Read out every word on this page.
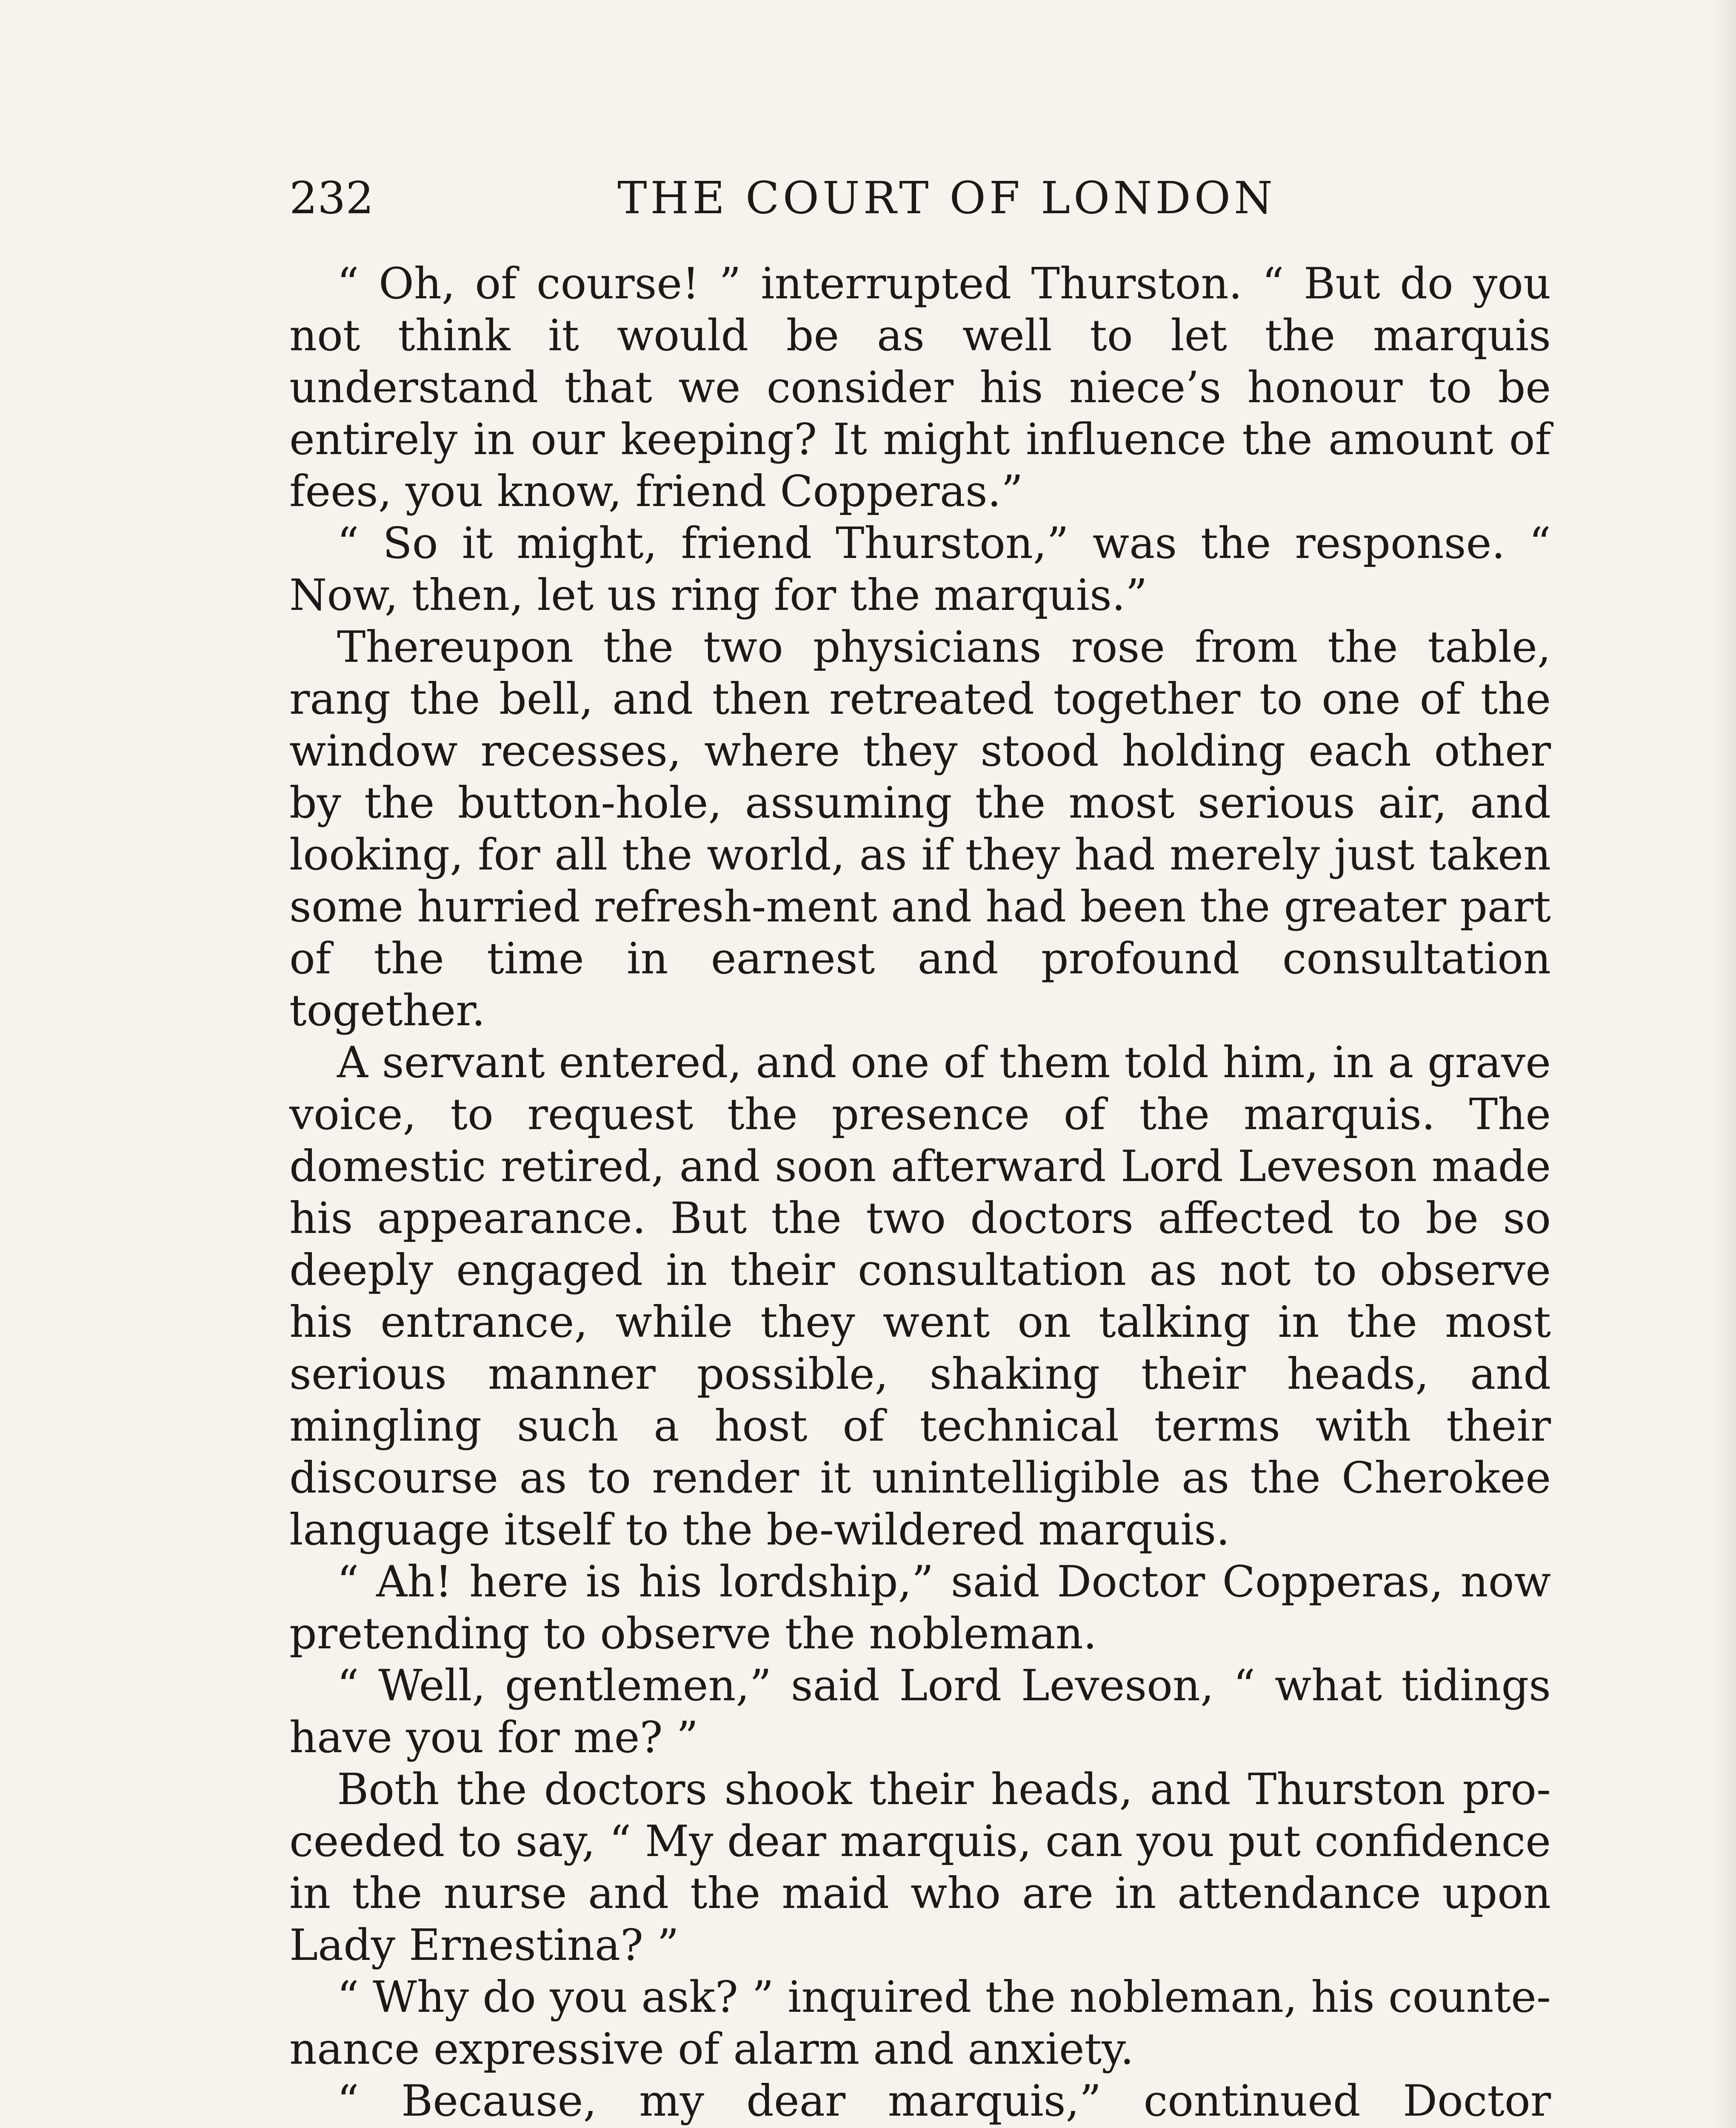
232	THE COURT OF LONDON

“ Oh, of course! ” interrupted Thurston. “ But do you not think it would be as well to let the marquis understand that we consider his niece’s honour to be entirely in our keeping? It might influence the amount of fees, you know, friend Copperas.”

“ So it might, friend Thurston,” was the response. “ Now, then, let us ring for the marquis.”

Thereupon the two physicians rose from the table, rang the bell, and then retreated together to one of the window recesses, where they stood holding each other by the button-hole, assuming the most serious air, and looking, for all the world, as if they had merely just taken some hurried refresh-ment and had been the greater part of the time in earnest and profound consultation together.

A servant entered, and one of them told him, in a grave voice, to request the presence of the marquis. The domestic retired, and soon afterward Lord Leveson made his appearance. But the two doctors affected to be so deeply engaged in their consultation as not to observe his entrance, while they went on talking in the most serious manner possible, shaking their heads, and mingling such a host of technical terms with their discourse as to render it unintelligible as the Cherokee language itself to the be-wildered marquis.

“ Ah! here is his lordship,” said Doctor Copperas, now pretending to observe the nobleman.

“ Well, gentlemen,” said Lord Leveson, “ what tidings have you for me? ”

Both the doctors shook their heads, and Thurston pro-ceeded to say, “ My dear marquis, can you put confidence in the nurse and the maid who are in attendance upon Lady Ernestina? ”

“ Why do you ask? ” inquired the nobleman, his counte-nance expressive of alarm and anxiety.

“ Because, my dear marquis,” continued Doctor
